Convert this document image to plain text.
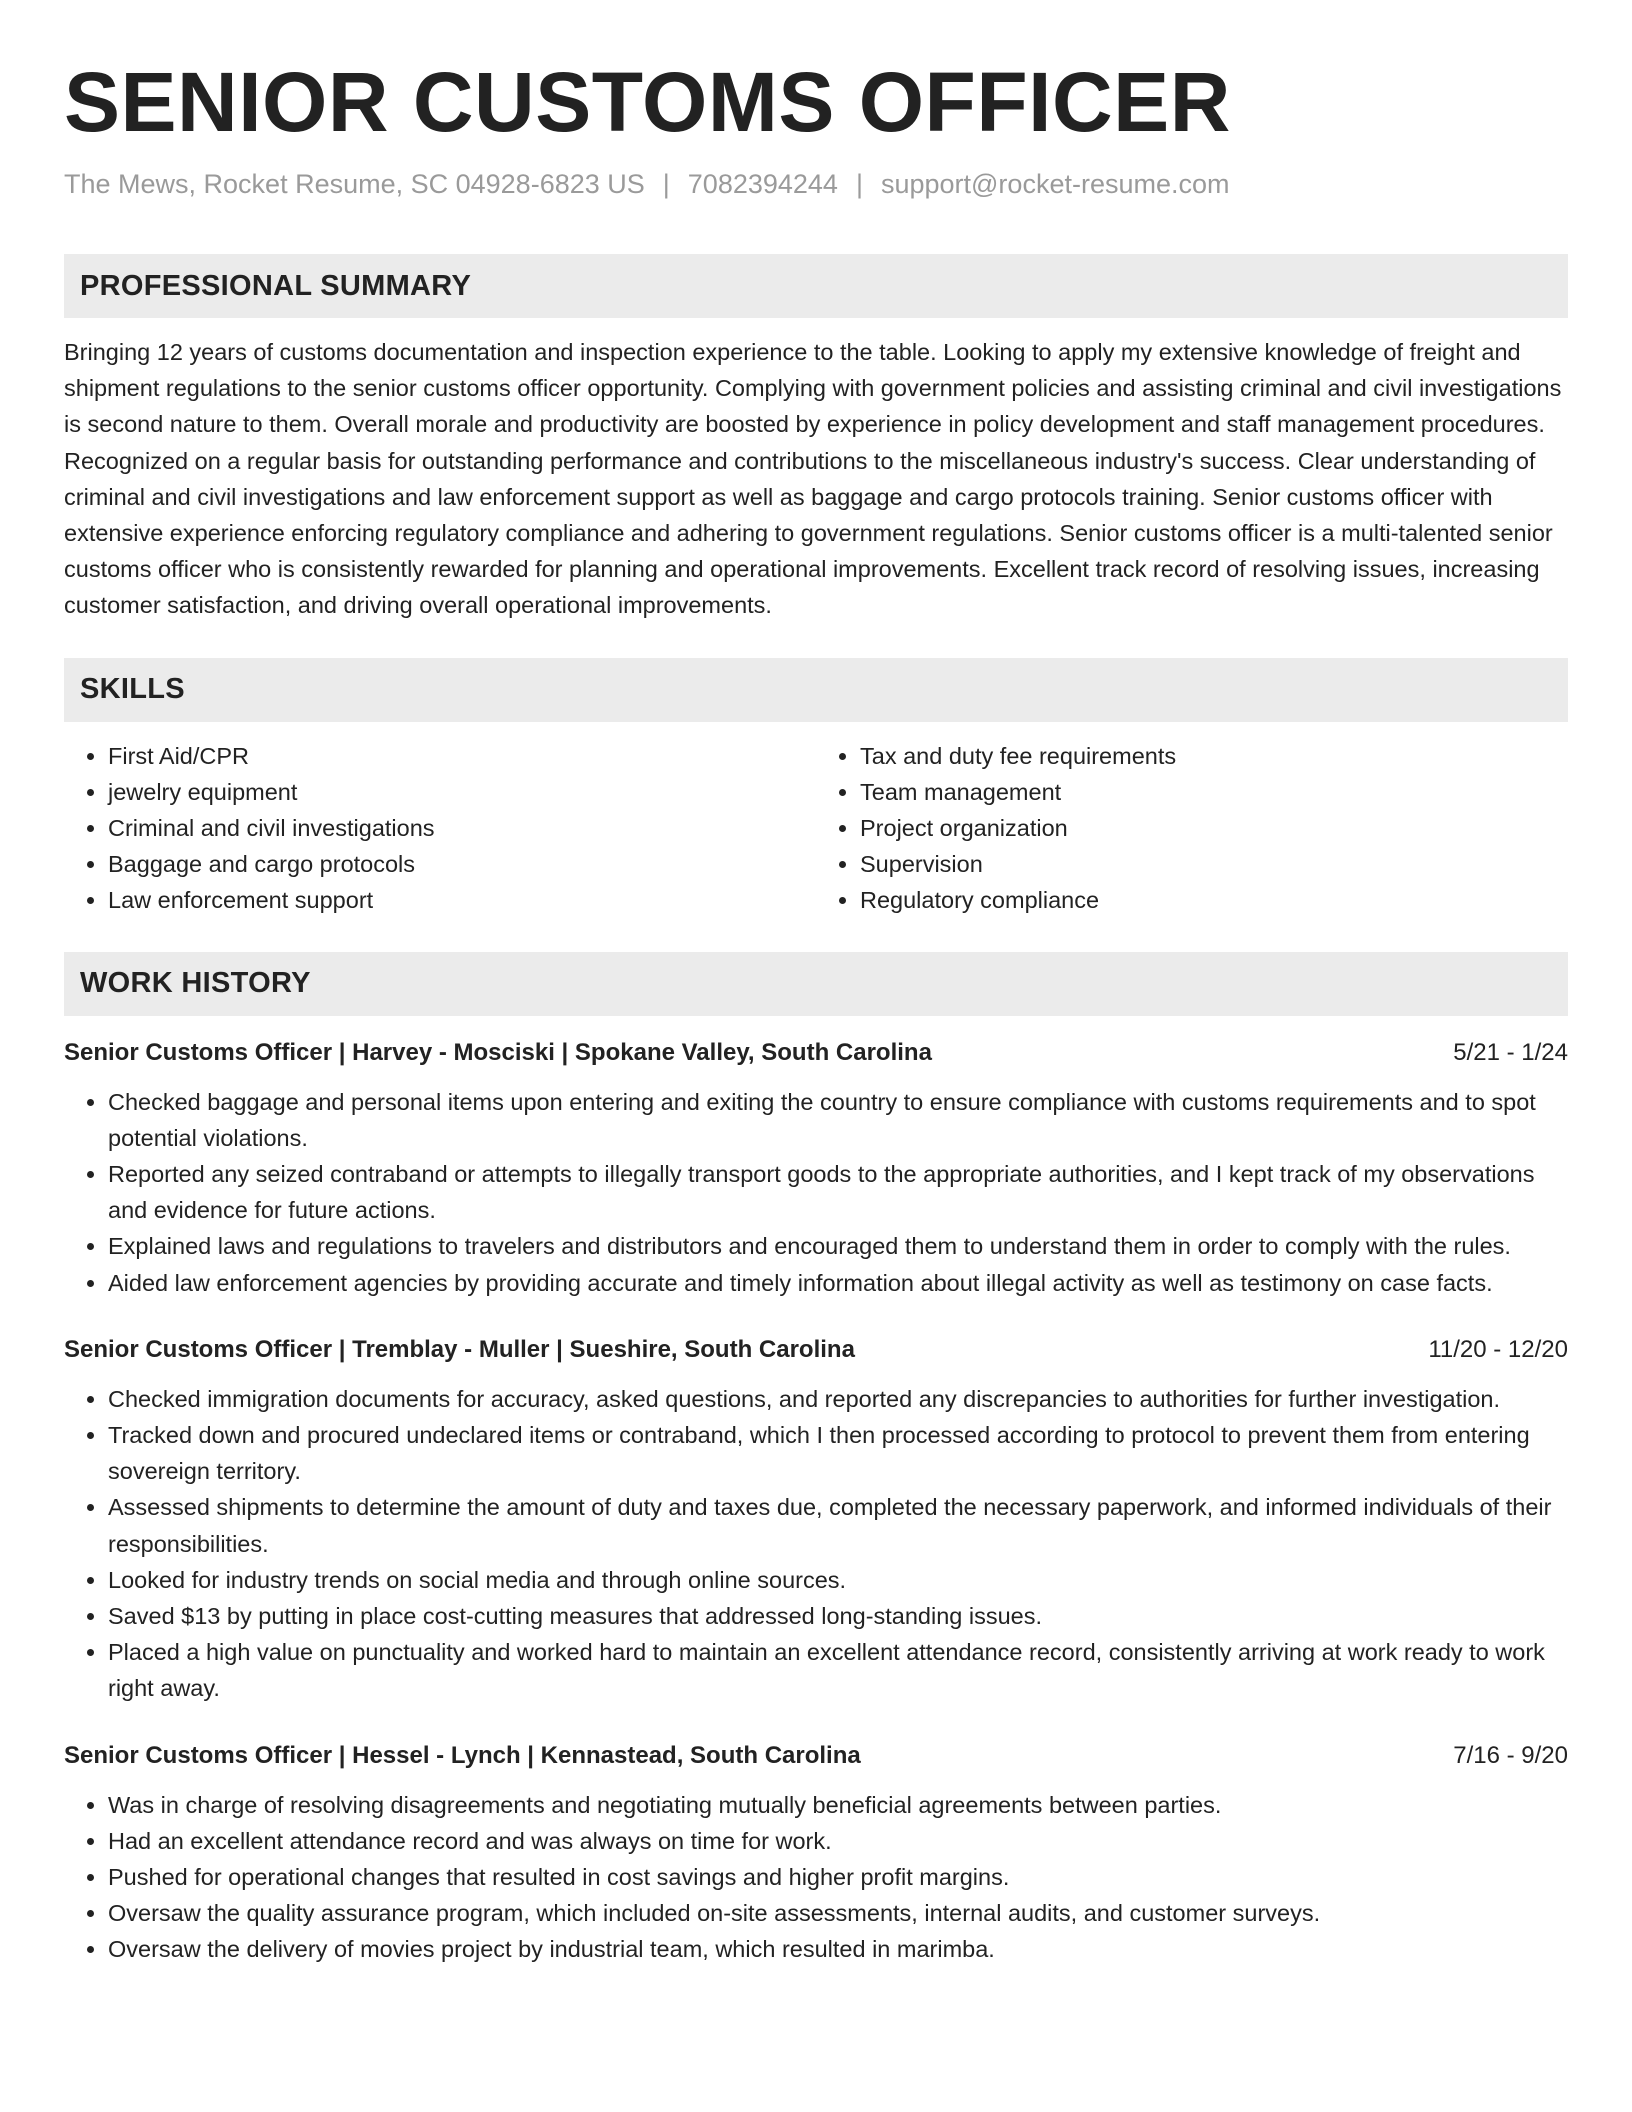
SENIOR CUSTOMS OFFICER
The Mews, Rocket Resume, SC 04928-6823 US | 7082394244 | support@rocket-resume.com
PROFESSIONAL SUMMARY
Bringing 12 years of customs documentation and inspection experience to the table. Looking to apply my extensive knowledge of freight and shipment regulations to the senior customs officer opportunity. Complying with government policies and assisting criminal and civil investigations is second nature to them. Overall morale and productivity are boosted by experience in policy development and staff management procedures. Recognized on a regular basis for outstanding performance and contributions to the miscellaneous industry's success. Clear understanding of criminal and civil investigations and law enforcement support as well as baggage and cargo protocols training. Senior customs officer with extensive experience enforcing regulatory compliance and adhering to government regulations. Senior customs officer is a multi-talented senior customs officer who is consistently rewarded for planning and operational improvements. Excellent track record of resolving issues, increasing customer satisfaction, and driving overall operational improvements.
SKILLS
• First Aid/CPR
• jewelry equipment
• Criminal and civil investigations
• Baggage and cargo protocols
• Law enforcement support
• Tax and duty fee requirements
• Team management
• Project organization
• Supervision
• Regulatory compliance
WORK HISTORY
Senior Customs Officer | Harvey - Mosciski | Spokane Valley, South Carolina	5/21 - 1/24
• Checked baggage and personal items upon entering and exiting the country to ensure compliance with customs requirements and to spot potential violations.
• Reported any seized contraband or attempts to illegally transport goods to the appropriate authorities, and I kept track of my observations and evidence for future actions.
• Explained laws and regulations to travelers and distributors and encouraged them to understand them in order to comply with the rules.
• Aided law enforcement agencies by providing accurate and timely information about illegal activity as well as testimony on case facts.
Senior Customs Officer | Tremblay - Muller | Sueshire, South Carolina	11/20 - 12/20
• Checked immigration documents for accuracy, asked questions, and reported any discrepancies to authorities for further investigation.
• Tracked down and procured undeclared items or contraband, which I then processed according to protocol to prevent them from entering sovereign territory.
• Assessed shipments to determine the amount of duty and taxes due, completed the necessary paperwork, and informed individuals of their responsibilities.
• Looked for industry trends on social media and through online sources.
• Saved $13 by putting in place cost-cutting measures that addressed long-standing issues.
• Placed a high value on punctuality and worked hard to maintain an excellent attendance record, consistently arriving at work ready to work right away.
Senior Customs Officer | Hessel - Lynch | Kennastead, South Carolina	7/16 - 9/20
• Was in charge of resolving disagreements and negotiating mutually beneficial agreements between parties.
• Had an excellent attendance record and was always on time for work.
• Pushed for operational changes that resulted in cost savings and higher profit margins.
• Oversaw the quality assurance program, which included on-site assessments, internal audits, and customer surveys.
• Oversaw the delivery of movies project by industrial team, which resulted in marimba.
